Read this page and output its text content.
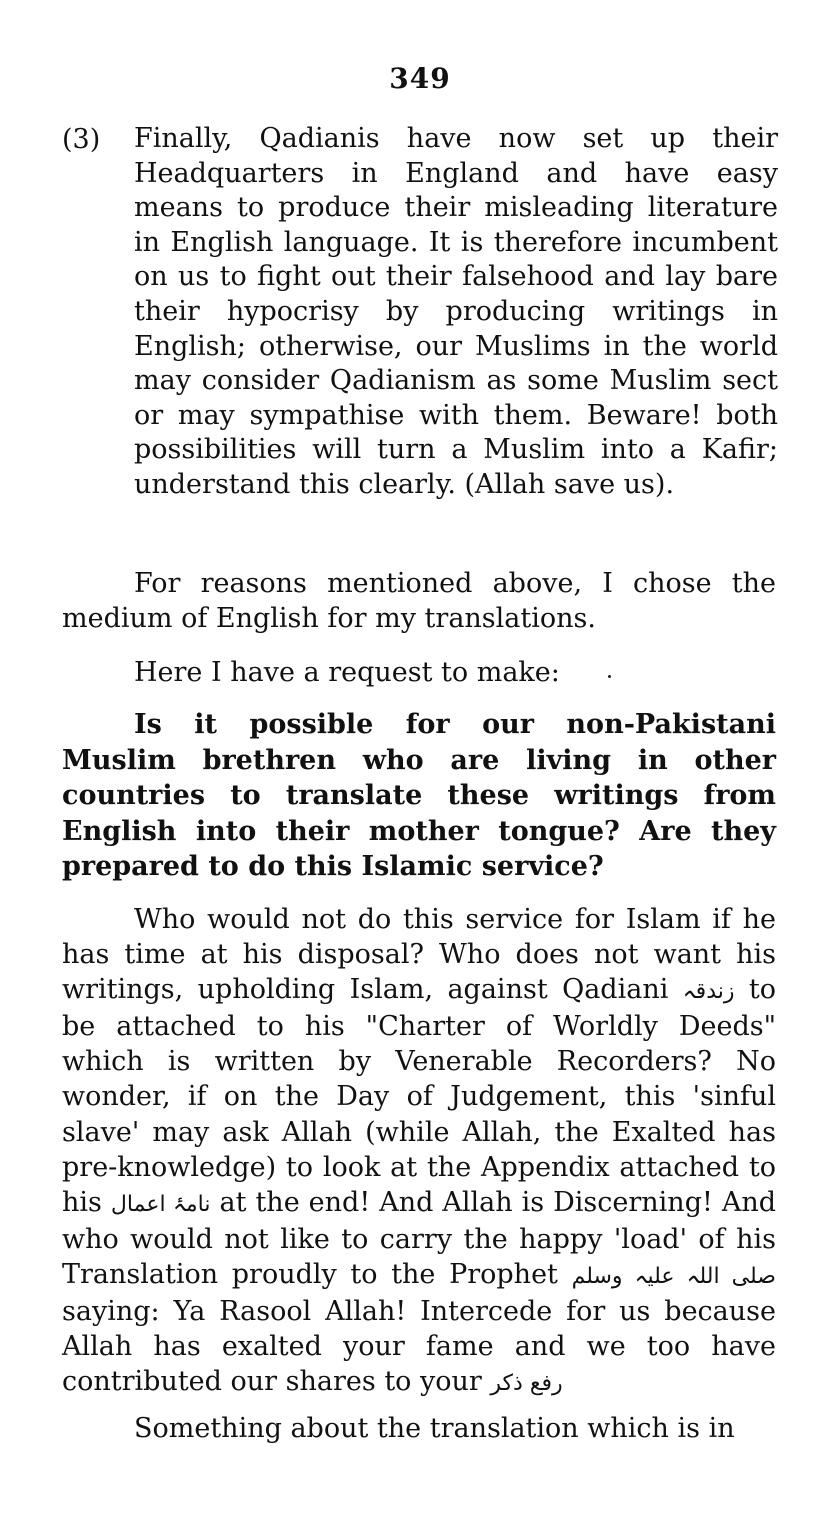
349
(3) Finally, Qadianis have now set up their Headquarters in England and have easy means to produce their misleading literature in English language. It is therefore incumbent on us to fight out their falsehood and lay bare their hypocrisy by producing writings in English; otherwise, our Muslims in the world may consider Qadianism as some Muslim sect or may sympathise with them. Beware! both possibilities will turn a Muslim into a Kafir; understand this clearly. (Allah save us).

For reasons mentioned above, I chose the medium of English for my translations.

Here I have a request to make:

Is it possible for our non-Pakistani Muslim brethren who are living in other countries to translate these writings from English into their mother tongue? Are they prepared to do this Islamic service?

Who would not do this service for Islam if he has time at his disposal? Who does not want his writings, upholding Islam, against Qadiani زندقہ to be attached to his "Charter of Worldly Deeds" which is written by Venerable Recorders? No wonder, if on the Day of Judgement, this 'sinful slave' may ask Allah (while Allah, the Exalted has pre-knowledge) to look at the Appendix attached to his نامۂ اعمال at the end! And Allah is Discerning! And who would not like to carry the happy 'load' of his Translation proudly to the Prophet صلی اللہ علیہ وسلم saying: Ya Rasool Allah! Intercede for us because Allah has exalted your fame and we too have contributed our shares to your رفع ذکر

Something about the translation which is in
